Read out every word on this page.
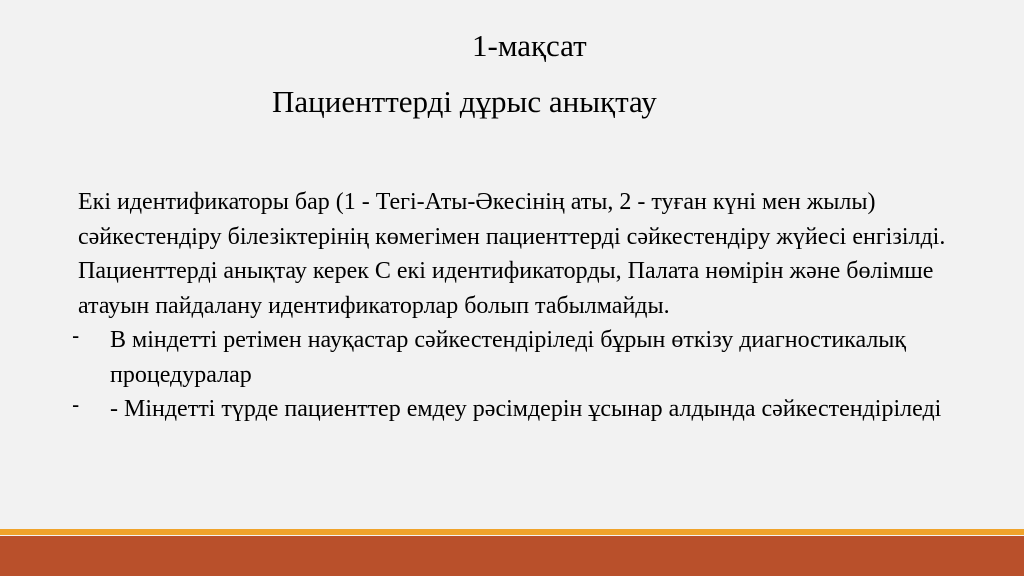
1-мақсат
Пациенттерді дұрыс анықтау

Екі идентификаторы бар (1 - Тегі-Аты-Әкесінің аты, 2 - туған күні мен жылы) сәйкестендіру білезіктерінің көмегімен пациенттерді сәйкестендіру жүйесі енгізілді. Пациенттерді анықтау керек С екі идентификаторды, Палата нөмірін және бөлімше атауын пайдалану идентификаторлар болып табылмайды.

- В міндетті ретімен науқастар сәйкестендіріледі бұрын өткізу диагностикалық процедуралар
- - Міндетті түрде пациенттер емдеу рәсімдерін ұсынар алдында сәйкестендіріледі
